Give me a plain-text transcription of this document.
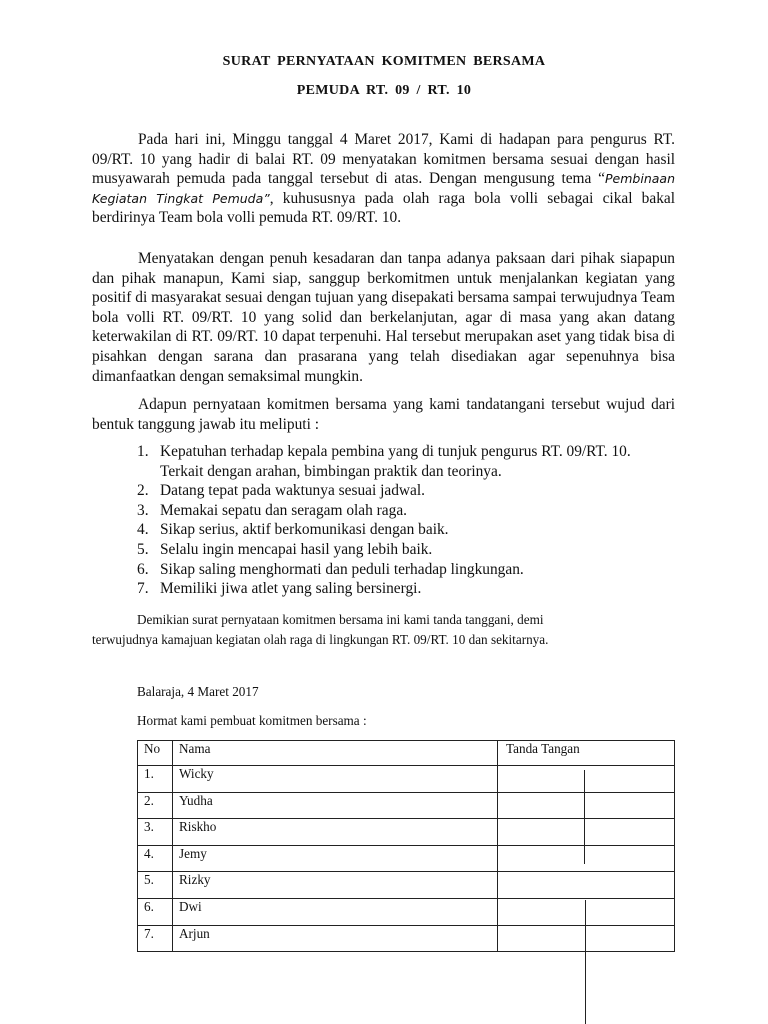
SURAT PERNYATAAN KOMITMEN BERSAMA
PEMUDA RT. 09 / RT. 10

Pada hari ini, Minggu tanggal 4 Maret 2017, Kami di hadapan para pengurus RT. 09/RT. 10 yang hadir di balai RT. 09 menyatakan komitmen bersama sesuai dengan hasil musyawarah pemuda pada tanggal tersebut di atas. Dengan mengusung tema “Pembinaan Kegiatan Tingkat Pemuda”, kuhususnya pada olah raga bola volli sebagai cikal bakal berdirinya Team bola volli pemuda RT. 09/RT. 10.

Menyatakan dengan penuh kesadaran dan tanpa adanya paksaan dari pihak siapapun dan pihak manapun, Kami siap, sanggup berkomitmen untuk menjalankan kegiatan yang positif di masyarakat sesuai dengan tujuan yang disepakati bersama sampai terwujudnya Team bola volli RT. 09/RT. 10 yang solid dan berkelanjutan, agar di masa yang akan datang keterwakilan di RT. 09/RT. 10 dapat terpenuhi. Hal tersebut merupakan aset yang tidak bisa di pisahkan dengan sarana dan prasarana yang telah disediakan agar sepenuhnya bisa dimanfaatkan dengan semaksimal mungkin.

Adapun pernyataan komitmen bersama yang kami tandatangani tersebut wujud dari bentuk tanggung jawab itu meliputi :

1. Kepatuhan terhadap kepala pembina yang di tunjuk pengurus RT. 09/RT. 10. Terkait dengan arahan, bimbingan praktik dan teorinya.
2. Datang tepat pada waktunya sesuai jadwal.
3. Memakai sepatu dan seragam olah raga.
4. Sikap serius, aktif berkomunikasi dengan baik.
5. Selalu ingin mencapai hasil yang lebih baik.
6. Sikap saling menghormati dan peduli terhadap lingkungan.
7. Memiliki jiwa atlet yang saling bersinergi.
Demikian surat pernyataan komitmen bersama ini kami tanda tanggani, demi
terwujudnya kamajuan kegiatan olah raga di lingkungan RT. 09/RT. 10 dan sekitarnya.
Balaraja, 4 Maret 2017
Hormat kami pembuat komitmen bersama :
No	Nama	Tanda Tangan
1.	Wicky	
2.	Yudha	
3.	Riskho	
4.	Jemy	
5.	Rizky	
6.	Dwi	
7.	Arjun	
